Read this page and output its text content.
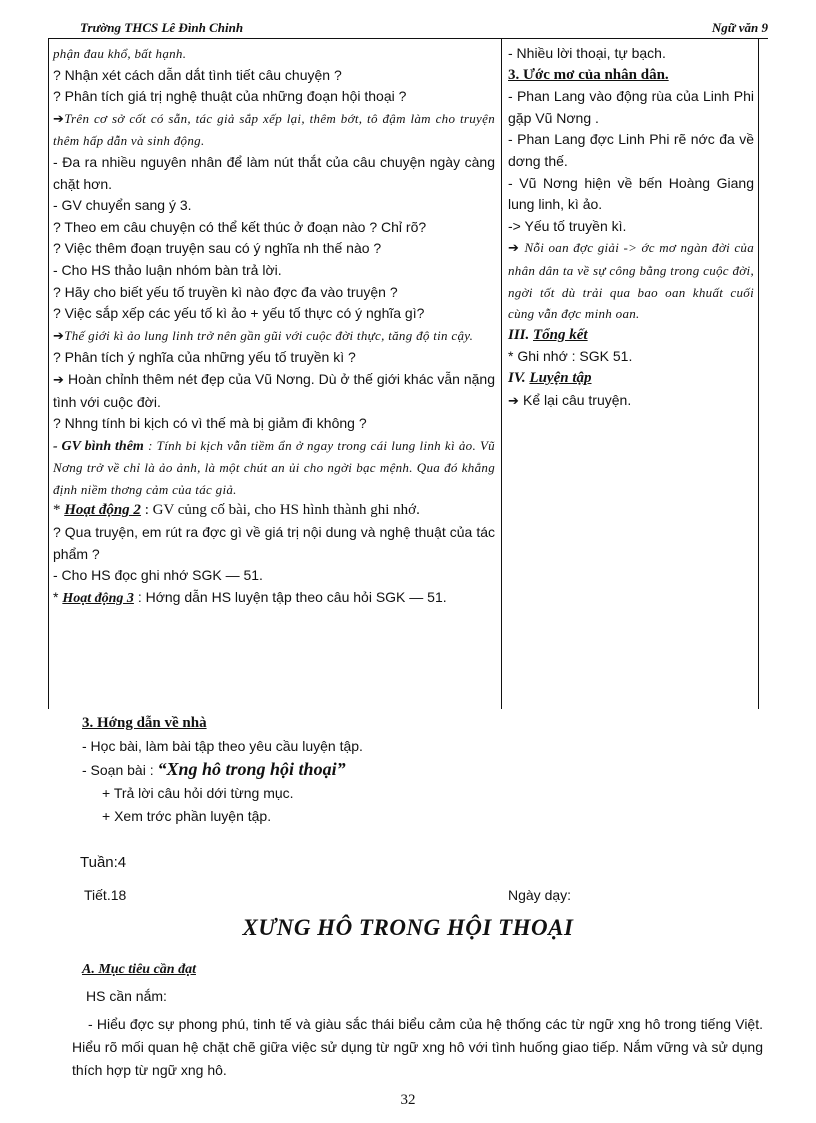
Trường THCS Lê Đình Chinh	Ngữ văn 9

phận đau khổ, bất hạnh.

? Nhận xét cách dẫn dắt tình tiết câu chuyện ?

? Phân tích giá trị nghệ thuật của những đoạn hội thoại ?

➔Trên cơ sở cốt có sẵn, tác giả sắp xếp lại, thêm bớt, tô đậm làm cho truyện thêm hấp dẫn và sinh động.

- Đa ra nhiều nguyên nhân để làm nút thắt của câu chuyện ngày càng chặt hơn.

- GV chuyển sang ý 3.

? Theo em câu chuyện có thể kết thúc ở đoạn nào ? Chỉ rõ?

? Việc thêm đoạn truyện sau có ý nghĩa nh thế nào ?

- Cho HS thảo luận nhóm bàn trả lời.

? Hãy cho biết yếu tố truyền kì nào đợc đa vào truyện ?

? Việc sắp xếp các yếu tố kì ảo + yếu tố thực có ý nghĩa gì?

➔Thế giới kì ảo lung linh trở nên gần gũi với cuộc đời thực, tăng độ tin cậy.

? Phân tích ý nghĩa của những yếu tố truyền kì ?

➔ Hoàn chỉnh thêm nét đẹp của Vũ Nơng. Dù ở thế giới khác vẫn nặng tình với cuộc đời.

? Nhng tính bi kịch có vì thế mà bị giảm đi không ?

- GV bình thêm : Tính bi kịch vẫn tiềm ẩn ở ngay trong cái lung linh kì ảo. Vũ Nơng trở về chỉ là ảo ảnh, là một chút an ủi cho ngời bạc mệnh. Qua đó khẳng định niềm thơng cảm của tác giả.

* Hoạt động 2 : GV củng cố bài, cho HS hình thành ghi nhớ.

? Qua truyện, em rút ra đợc gì về giá trị nội dung và nghệ thuật của tác phẩm ?

- Cho HS đọc ghi nhớ SGK — 51.

* Hoạt động 3 : Hớng dẫn HS luyện tập theo câu hỏi SGK — 51.

- Nhiều lời thoại, tự bạch.

3. Ước mơ của nhân dân.

- Phan Lang vào động rùa của Linh Phi gặp Vũ Nơng .

- Phan Lang đợc Linh Phi rẽ nớc đa về dơng thế.

- Vũ Nơng hiện về bến Hoàng Giang lung linh, kì ảo.

-> Yếu tố truyền kì.

➔ Nỗi oan đợc giải -> ớc mơ ngàn đời của nhân dân ta về sự công bằng trong cuộc đời, ngời tốt dù trải qua bao oan khuất cuối cùng vẫn đợc minh oan.

III. Tổng kết

* Ghi nhớ : SGK 51.

IV. Luyện tập

➔ Kể lại câu truyện.

3. Hớng dẫn về nhà

- Học bài, làm bài tập theo yêu cầu luyện tập.

- Soạn bài : “Xng hô trong hội thoại”

+ Trả lời câu hỏi dới từng mục.

+ Xem trớc phần luyện tập.

Tuần:4
Tiết.18	Ngày dạy:
XƯNG HÔ TRONG HỘI THOẠI
A. Mục tiêu cần đạt
HS cần nắm:
- Hiểu đợc sự phong phú, tinh tế và giàu sắc thái biểu cảm của hệ thống các từ ngữ xng hô trong tiếng Việt. Hiểu rõ mối quan hệ chặt chẽ giữa việc sử dụng từ ngữ xng hô với tình huống giao tiếp. Nắm vững và sử dụng thích hợp từ ngữ xng hô.
32
